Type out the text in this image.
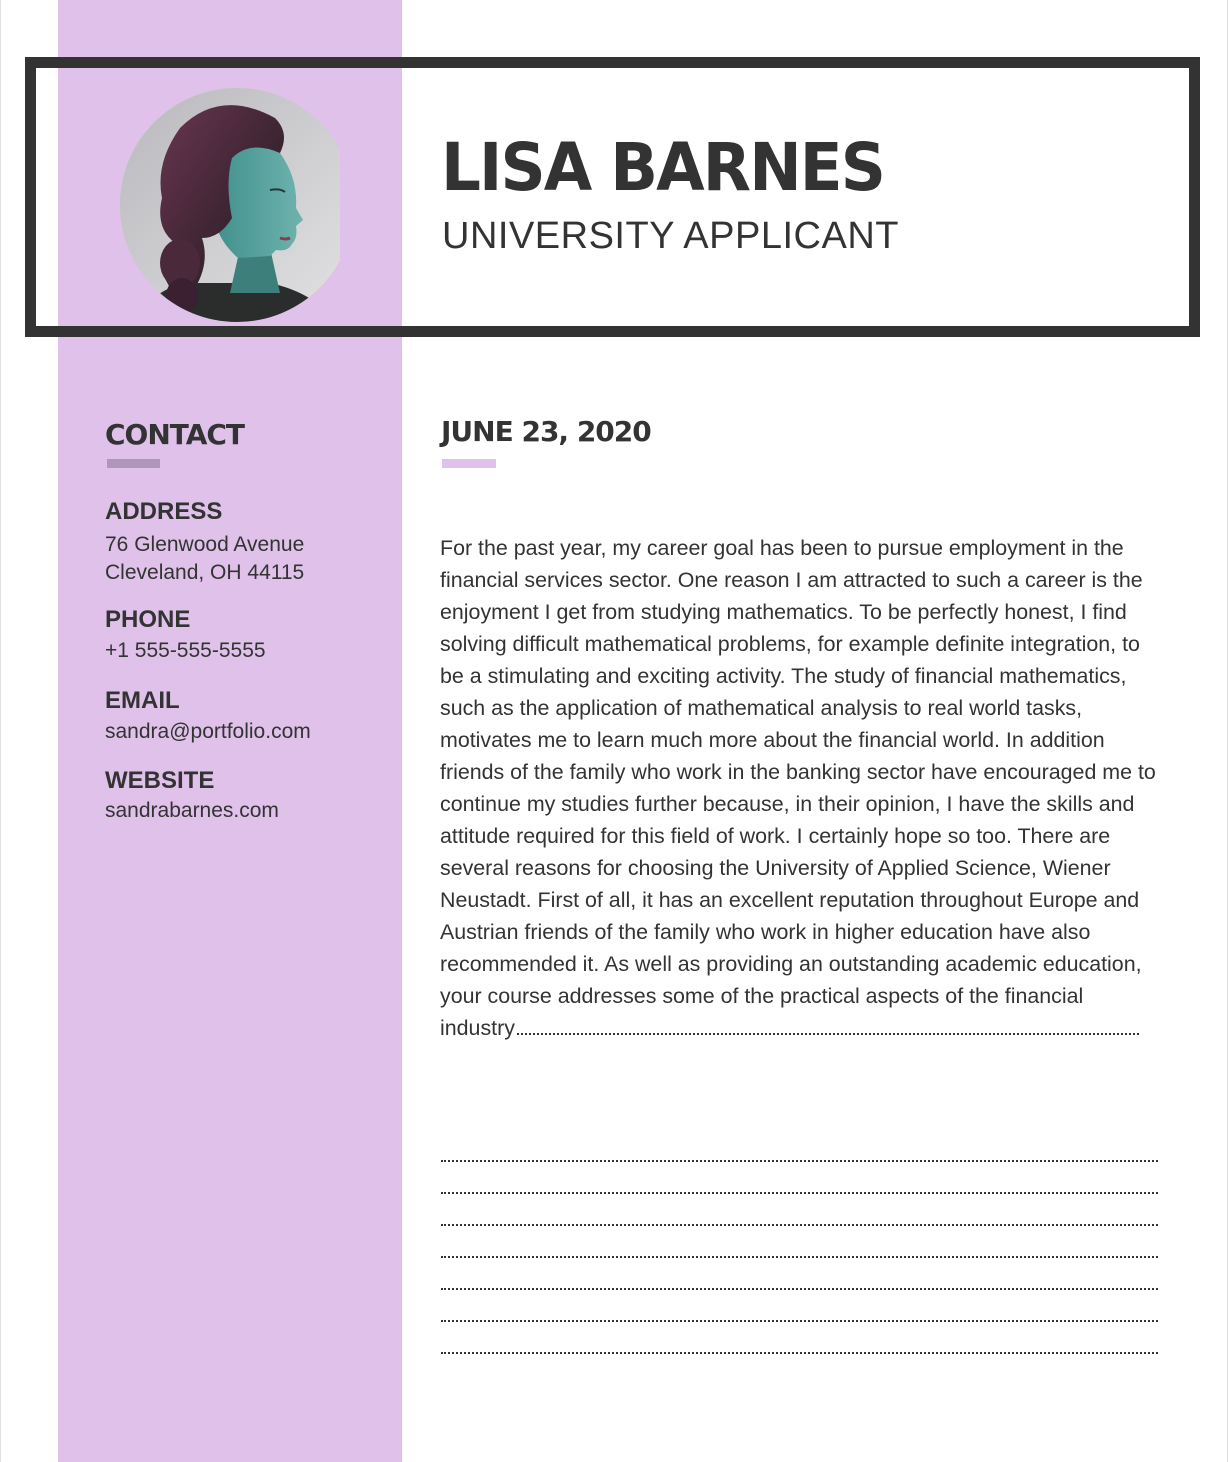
LISA BARNES
UNIVERSITY APPLICANT
CONTACT
ADDRESS
76 Glenwood Avenue
Cleveland, OH 44115
PHONE
+1 555-555-5555
EMAIL
sandra@portfolio.com
WEBSITE
sandrabarnes.com
JUNE 23, 2020

For the past year, my career goal has been to pursue employment in the financial services sector. One reason I am attracted to such a career is the enjoyment I get from studying mathematics. To be perfectly honest, I find solving difficult mathematical problems, for example definite integration, to be a stimulating and exciting activity. The study of financial mathematics, such as the application of mathematical analysis to real world tasks, motivates me to learn much more about the financial world. In addition friends of the family who work in the banking sector have encouraged me to continue my studies further because, in their opinion, I have the skills and attitude required for this field of work. I certainly hope so too. There are several reasons for choosing the University of Applied Science, Wiener Neustadt. First of all, it has an excellent reputation throughout Europe and Austrian friends of the family who work in higher education have also recommended it. As well as providing an outstanding academic education, your course addresses some of the practical aspects of the financial industry
